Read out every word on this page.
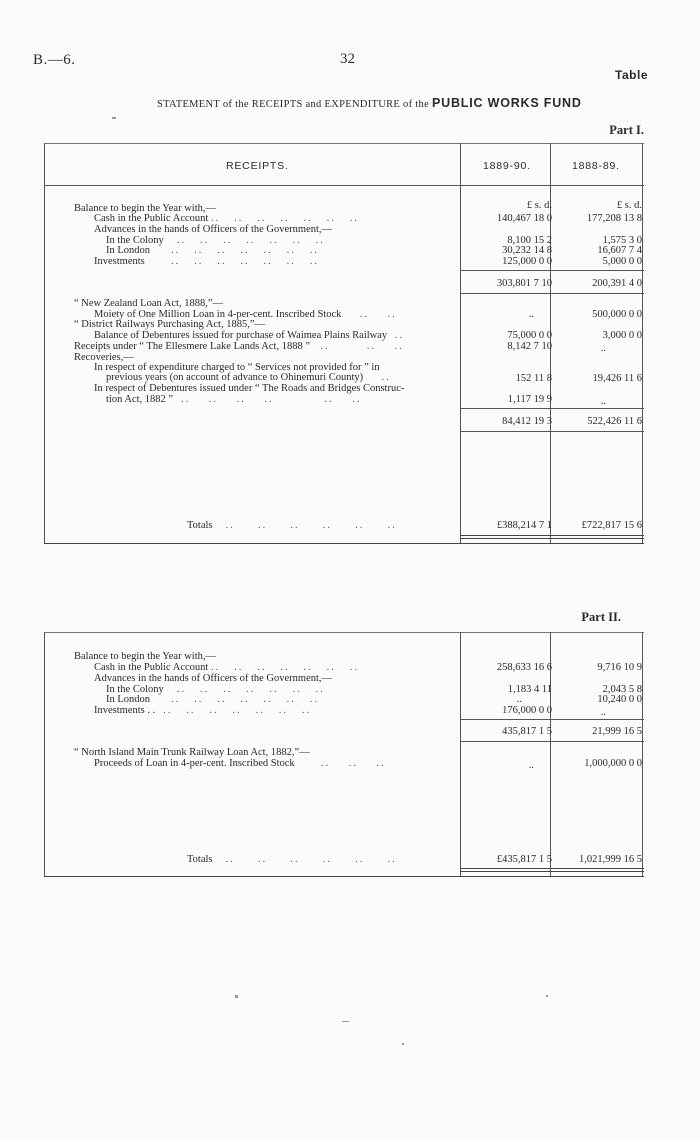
B.—6.	32
Table
STATEMENT of the RECEIPTS and EXPENDITURE of the PUBLIC WORKS FUND
Part I.
RECEIPTS.	1889-90.	1888-89.
£ s. d.	£ s. d.
Balance to begin the Year with,—
Cash in the Public Account ..   ..   ..   ..   ..   ..   ..	140,467 18 0	177,208 13 8
Advances in the hands of Officers of the Government,—
In the Colony ..   ..   ..   ..   ..   ..   ..	8,100 15 2	1,575 3 0
In London ..   ..   ..   ..   ..   ..   ..	30,232 14 8	16,607 7 4
Investments	..   ..   ..   ..   ..   ..   ..	125,000 0 0	5,000 0 0
303,801 7 10	200,391 4 0
“ New Zealand Loan Act, 1888,”—
Moiety of One Million Loan in 4-per-cent. Inscribed Stock ..    ..	..	500,000 0 0
“ District Railways Purchasing Act, 1885,”—
Balance of Debentures issued for purchase of Waimea Plains Railway ..	75,000 0 0	3,000 0 0
Receipts under “ The Ellesmere Lake Lands Act, 1888 ” ..        ..    ..	8,142 7 10	..
Recoveries,—
In respect of expenditure charged to “ Services not provided for ” in
previous years (on account of advance to Ohinemuri County) ..	152 11 8	19,426 11 6
In respect of Debentures issued under “ The Roads and Bridges Construc-
tion Act, 1882 ” ..    ..    ..    ..           ..    ..	1,117 19 9	..
84,412 19 3	522,426 11 6
Totals ..     ..     ..     ..     ..     ..	£388,214 7 1	£722,817 15 6
Part II.
Balance to begin the Year with,—
Cash in the Public Account ..   ..   ..   ..   ..   ..   ..	258,633 16 6	9,716 10 9
Advances in the hands of Officers of the Government,—
In the Colony ..   ..   ..   ..   ..   ..   ..	1,183 4 11	2,043 5 8
In London ..   ..   ..   ..   ..   ..   ..	..	10,240 0 0
Investments . . ..   ..   ..   ..   ..   ..   ..	176,000 0 0	..
435,817 1 5	21,999 16 5
“ North Island Main Trunk Railway Loan Act, 1882,”—
Proceeds of Loan in 4-per-cent. Inscribed Stock	..    ..    ..	..	1,000,000 0 0
Totals ..     ..     ..     ..     ..     ..	£435,817 1 5	1,021,999 16 5
